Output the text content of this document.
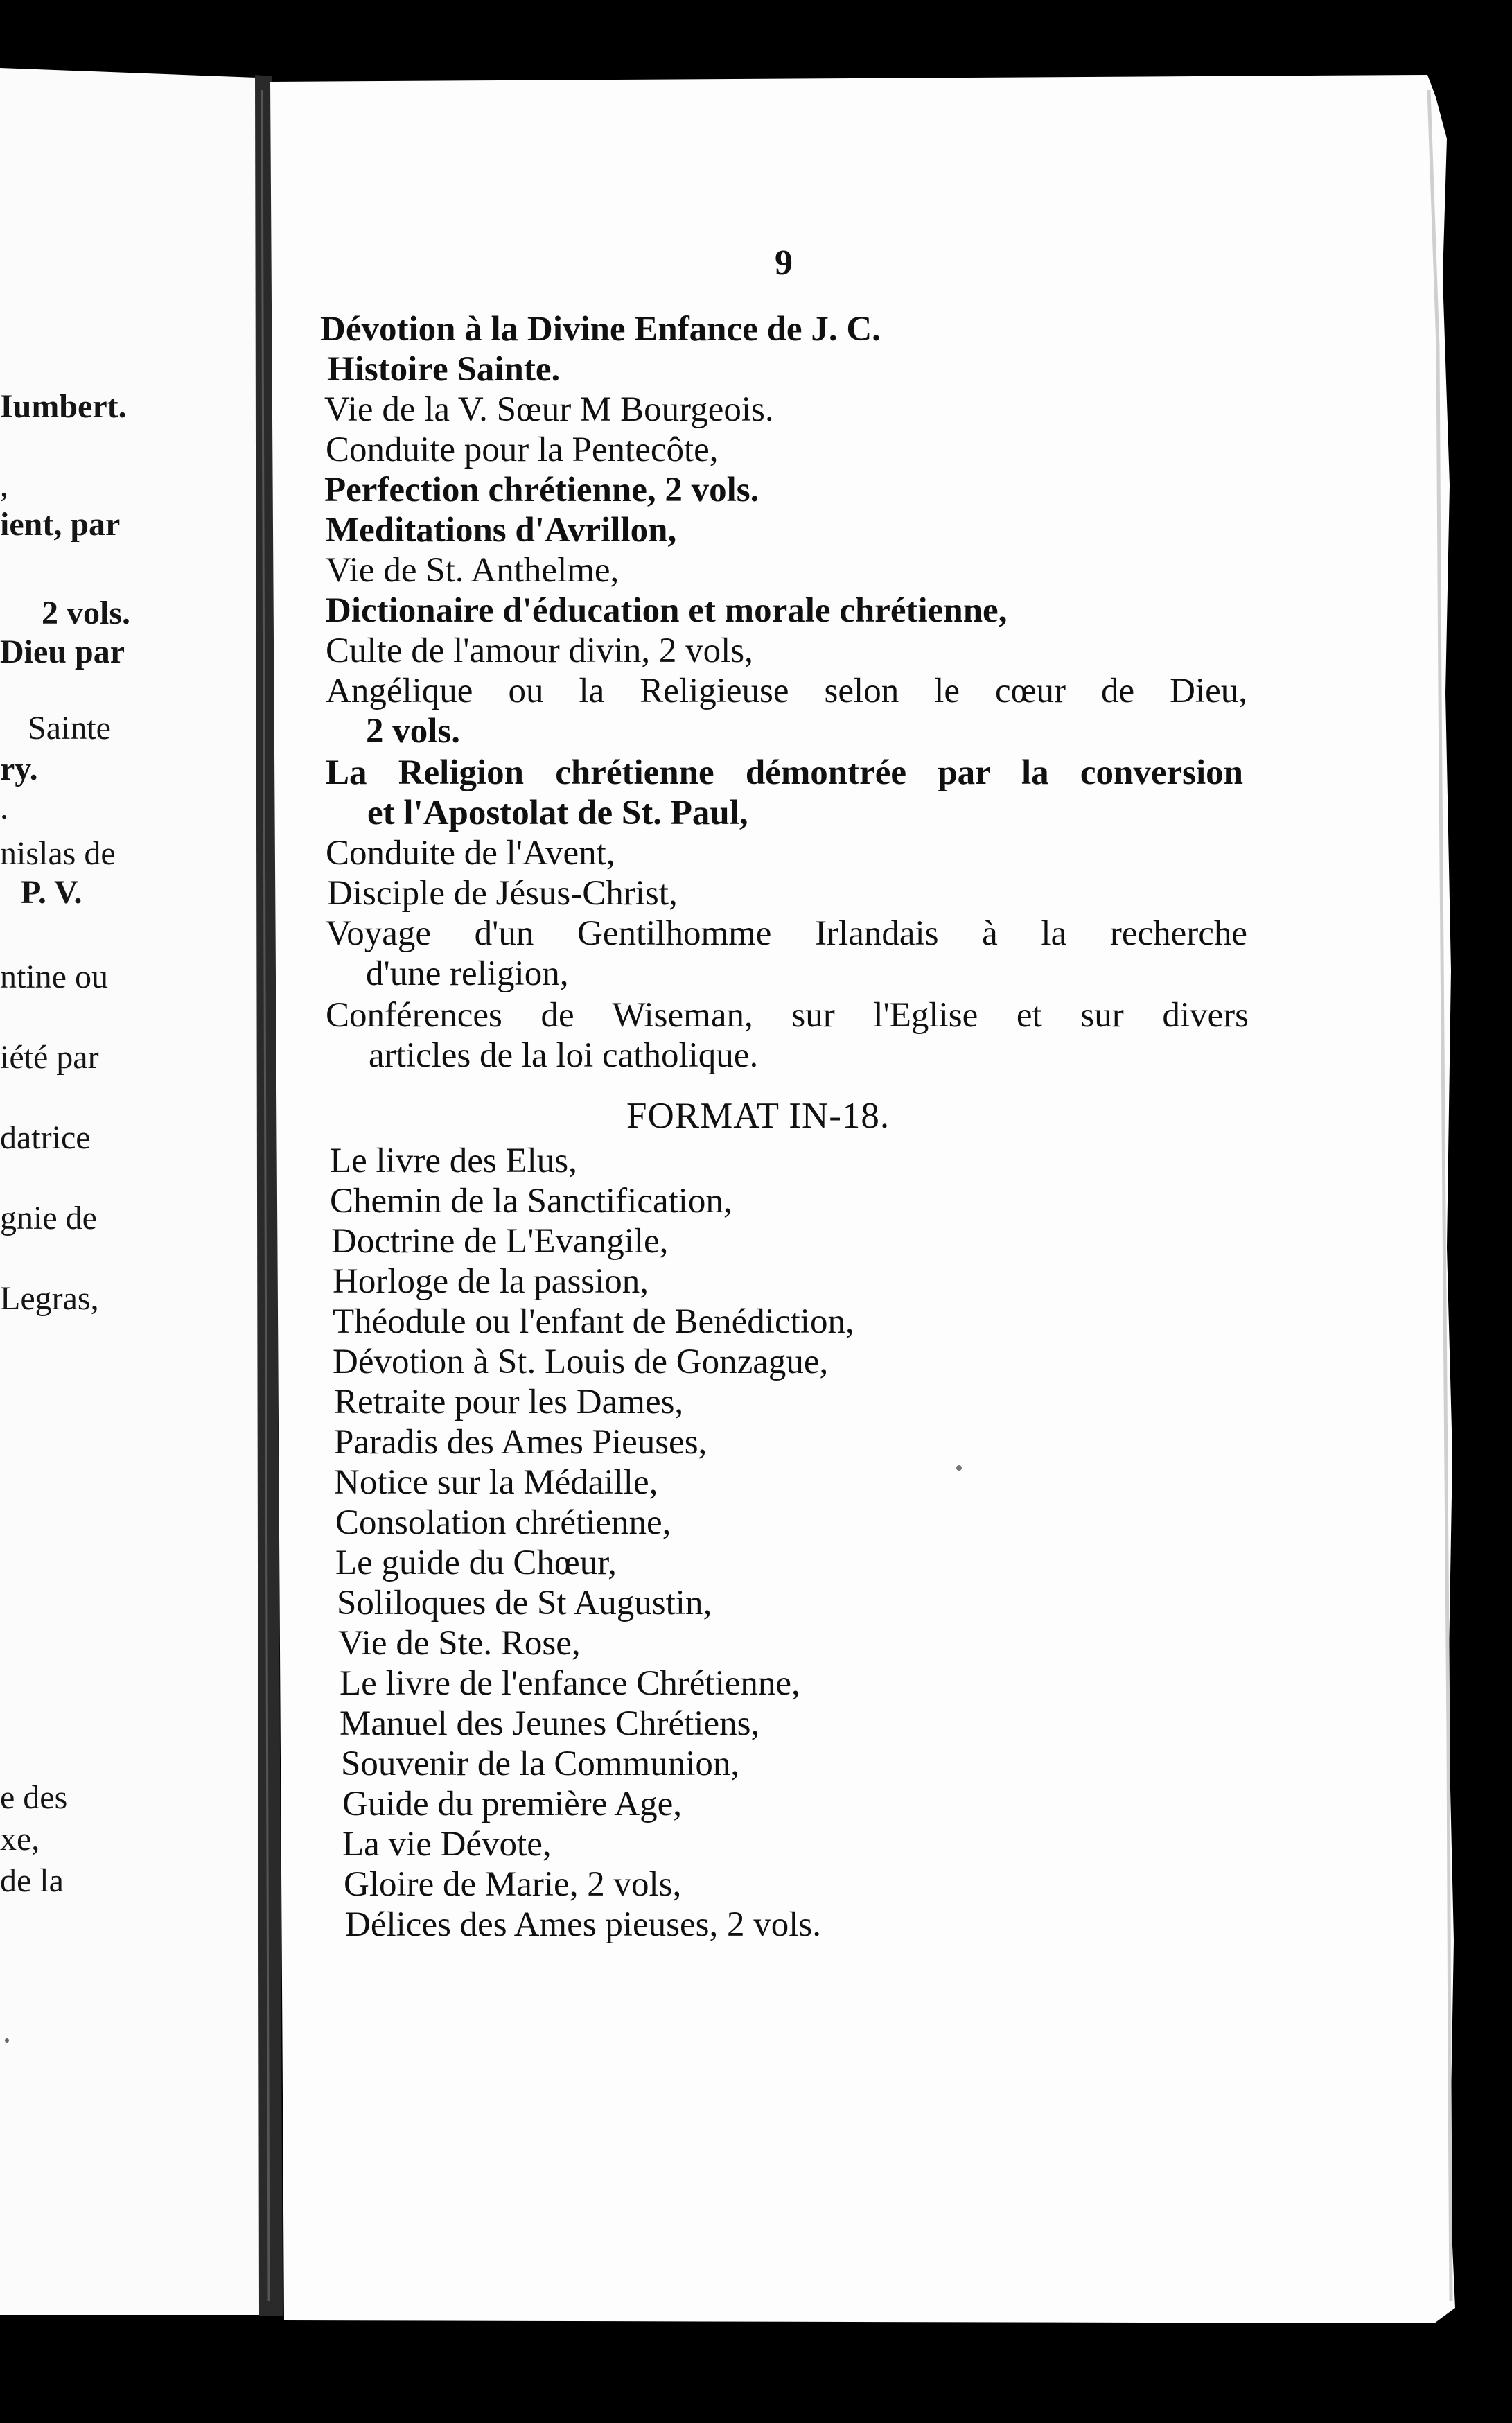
Iumbert.
,
ient, par
2 vols.
Dieu par
Sainte
ry.
.
nislas de
P. V.
ntine ou
iété par
datrice
gnie de
Legras,
e des
xe,
de la
9
Dévotion à la Divine Enfance de J. C.
Histoire Sainte.
Vie de la V. Sœur M Bourgeois.
Conduite pour la Pentecôte,
Perfection chrétienne, 2 vols.
Meditations d'Avrillon,
Vie de St. Anthelme,
Dictionaire d'éducation et morale chrétienne,
Culte de l'amour divin, 2 vols,
Angélique ou la Religieuse selon le cœur de Dieu,
2 vols.
La Religion chrétienne démontrée par la conversion
et l'Apostolat de St. Paul,
Conduite de l'Avent,
Disciple de Jésus-Christ,
Voyage d'un Gentilhomme Irlandais à la recherche
d'une religion,
Conférences de Wiseman, sur l'Eglise et sur divers
articles de la loi catholique.
FORMAT IN-18.
Le livre des Elus,
Chemin de la Sanctification,
Doctrine de L'Evangile,
Horloge de la passion,
Théodule ou l'enfant de Benédiction,
Dévotion à St. Louis de Gonzague,
Retraite pour les Dames,
Paradis des Ames Pieuses,
Notice sur la Médaille,
Consolation chrétienne,
Le guide du Chœur,
Soliloques de St Augustin,
Vie de Ste. Rose,
Le livre de l'enfance Chrétienne,
Manuel des Jeunes Chrétiens,
Souvenir de la Communion,
Guide du première Age,
La vie Dévote,
Gloire de Marie, 2 vols,
Délices des Ames pieuses, 2 vols.
